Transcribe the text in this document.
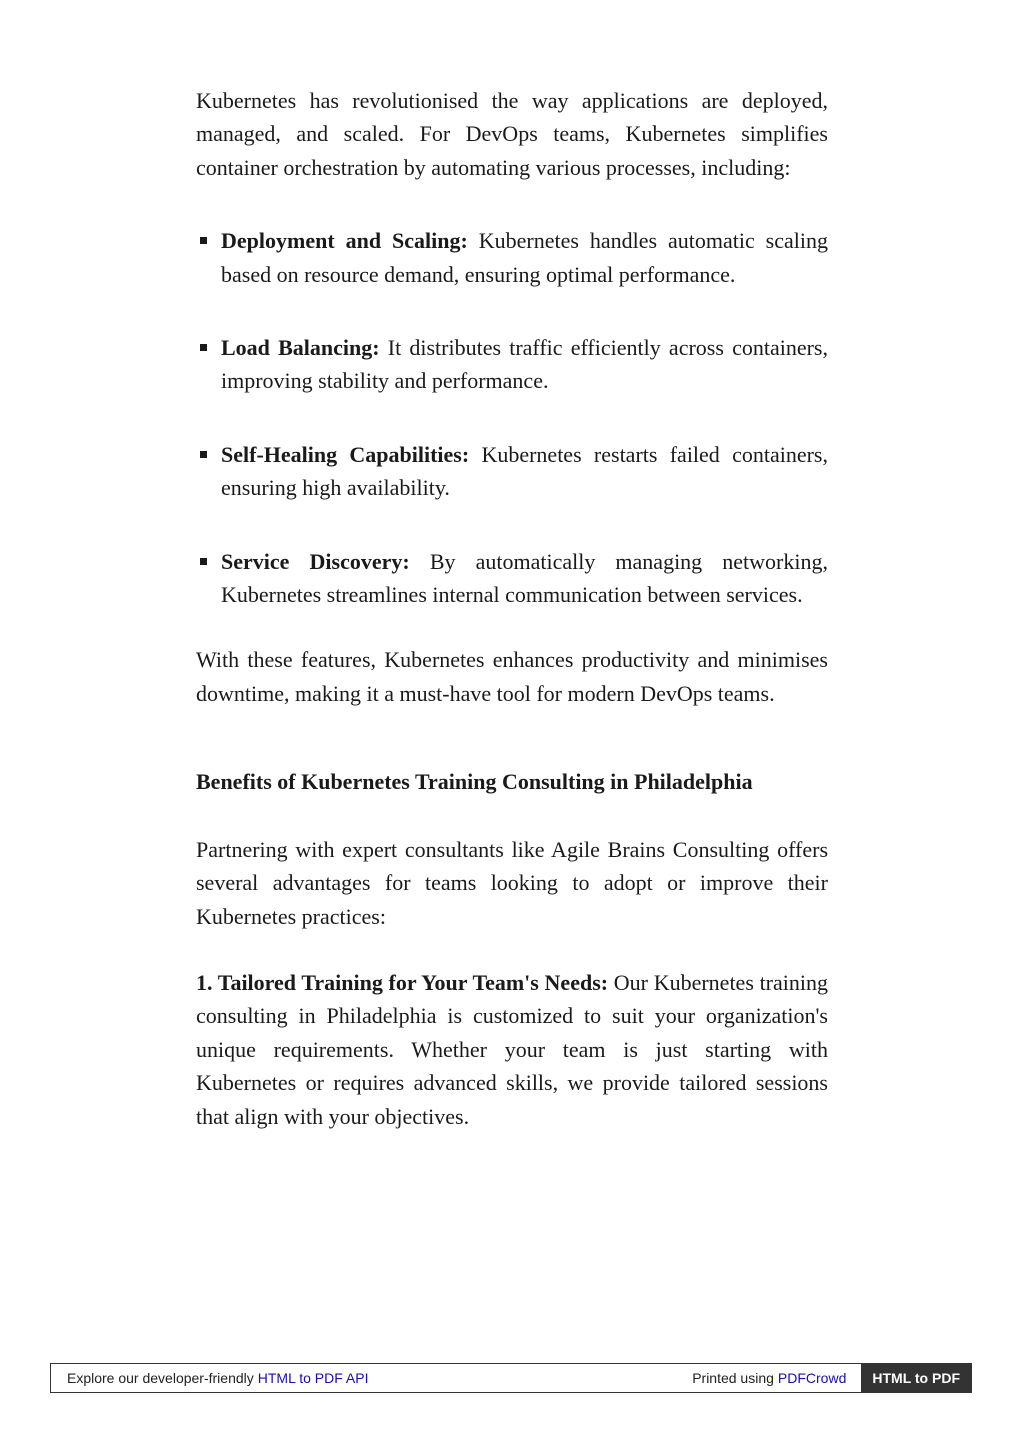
Kubernetes has revolutionised the way applications are deployed, managed, and scaled. For DevOps teams, Kubernetes simplifies container orchestration by automating various processes, including:

Deployment and Scaling: Kubernetes handles automatic scaling based on resource demand, ensuring optimal performance.
Load Balancing: It distributes traffic efficiently across containers, improving stability and performance.
Self-Healing Capabilities: Kubernetes restarts failed containers, ensuring high availability.
Service Discovery: By automatically managing networking, Kubernetes streamlines internal communication between services.

With these features, Kubernetes enhances productivity and minimises downtime, making it a must-have tool for modern DevOps teams.

Benefits of Kubernetes Training Consulting in Philadelphia

Partnering with expert consultants like Agile Brains Consulting offers several advantages for teams looking to adopt or improve their Kubernetes practices:

1. Tailored Training for Your Team's Needs: Our Kubernetes training consulting in Philadelphia is customized to suit your organization's unique requirements. Whether your team is just starting with Kubernetes or requires advanced skills, we provide tailored sessions that align with your objectives.

Explore our developer-friendly HTML to PDF API	Printed using PDFCrowd	HTML to PDF
